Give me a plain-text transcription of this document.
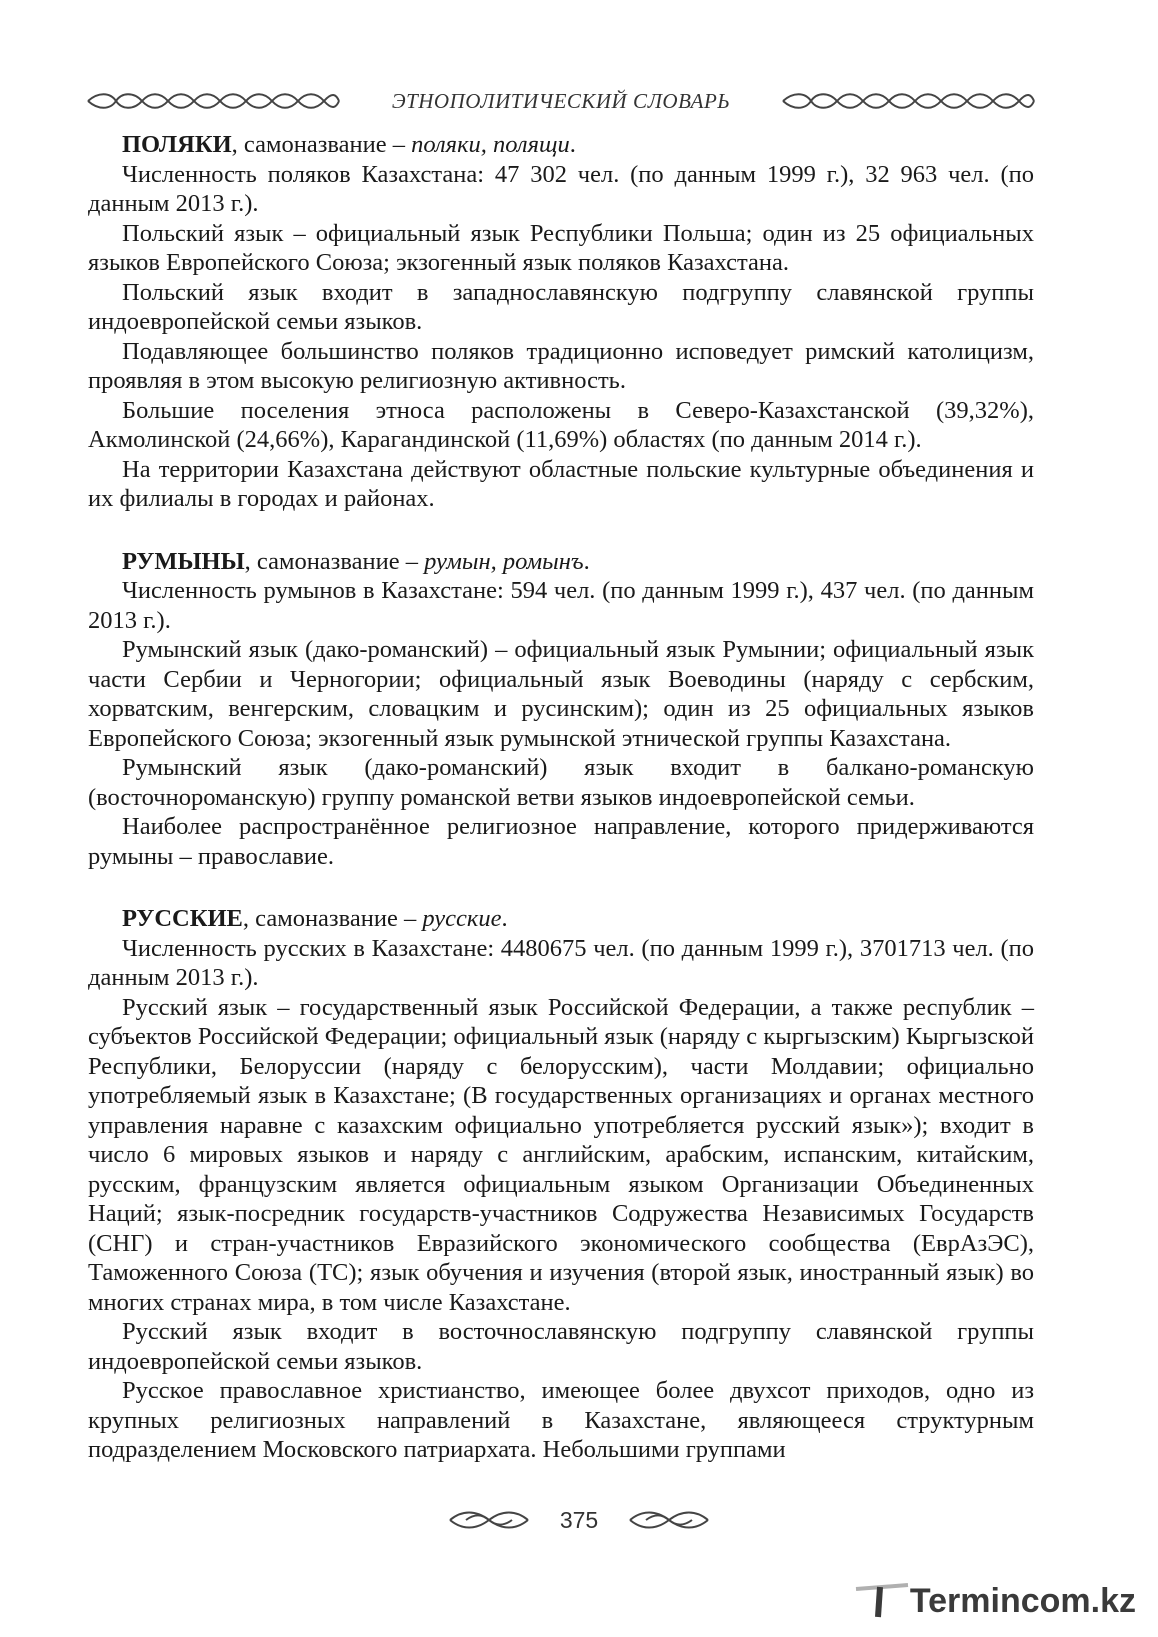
ЭТНОПОЛИТИЧЕСКИЙ СЛОВАРЬ

ПОЛЯКИ, самоназвание – поляки, полящи.

Численность поляков Казахстана: 47 302 чел. (по данным 1999 г.), 32 963 чел. (по данным 2013 г.).

Польский язык – официальный язык Республики Польша; один из 25 официальных языков Европейского Союза; экзогенный язык поляков Казахстана.

Польский язык входит в западнославянскую подгруппу славянской группы индоевропейской семьи языков.

Подавляющее большинство поляков традиционно исповедует римский католицизм, проявляя в этом высокую религиозную активность.

Большие поселения этноса расположены в Северо-Казахстанской (39,32%), Акмолинской (24,66%), Карагандинской (11,69%) областях (по данным 2014 г.).

На территории Казахстана действуют областные польские культурные объединения и их филиалы в городах и районах.

РУМЫНЫ, самоназвание – румын, ромынъ.

Численность румынов в Казахстане: 594 чел. (по данным 1999 г.), 437 чел. (по данным 2013 г.).

Румынский язык (дако-романский) – официальный язык Румынии; официальный язык части Сербии и Черногории; официальный язык Воеводины (наряду с сербским, хорватским, венгерским, словацким и русинским); один из 25 официальных языков Европейского Союза; экзогенный язык румынской этнической группы Казахстана.

Румынский язык (дако-романский) язык входит в балкано-романскую (восточнороманскую) группу романской ветви языков индоевропейской семьи.

Наиболее распространённое религиозное направление, которого придерживаются румыны – православие.

РУССКИЕ, самоназвание – русские.

Численность русских в Казахстане: 4480675 чел. (по данным 1999 г.), 3701713 чел. (по данным 2013 г.).

Русский язык – государственный язык Российской Федерации, а также республик – субъектов Российской Федерации; официальный язык (наряду с кыргызским) Кыргызской Республики, Белоруссии (наряду с белорусским), части Молдавии; официально употребляемый язык в Казахстане; (В государственных организациях и органах местного управления наравне с казахским официально употребляется русский язык»); входит в число 6 мировых языков и наряду с английским, арабским, испанским, китайским, русским, французским является официальным языком Организации Объединенных Наций; язык-посредник государств-участников Содружества Независимых Государств (СНГ) и стран-участников Евразийского экономического сообщества (ЕврАзЭС), Таможенного Союза (ТС); язык обучения и изучения (второй язык, иностранный язык) во многих странах мира, в том числе Казахстане.

Русский язык входит в восточнославянскую подгруппу славянской группы индоевропейской семьи языков.

Русское православное христианство, имеющее более двухсот приходов, одно из крупных религиозных направлений в Казахстане, являющееся структурным подразделением Московского патриархата. Небольшими группами

375
Termincom.kz
